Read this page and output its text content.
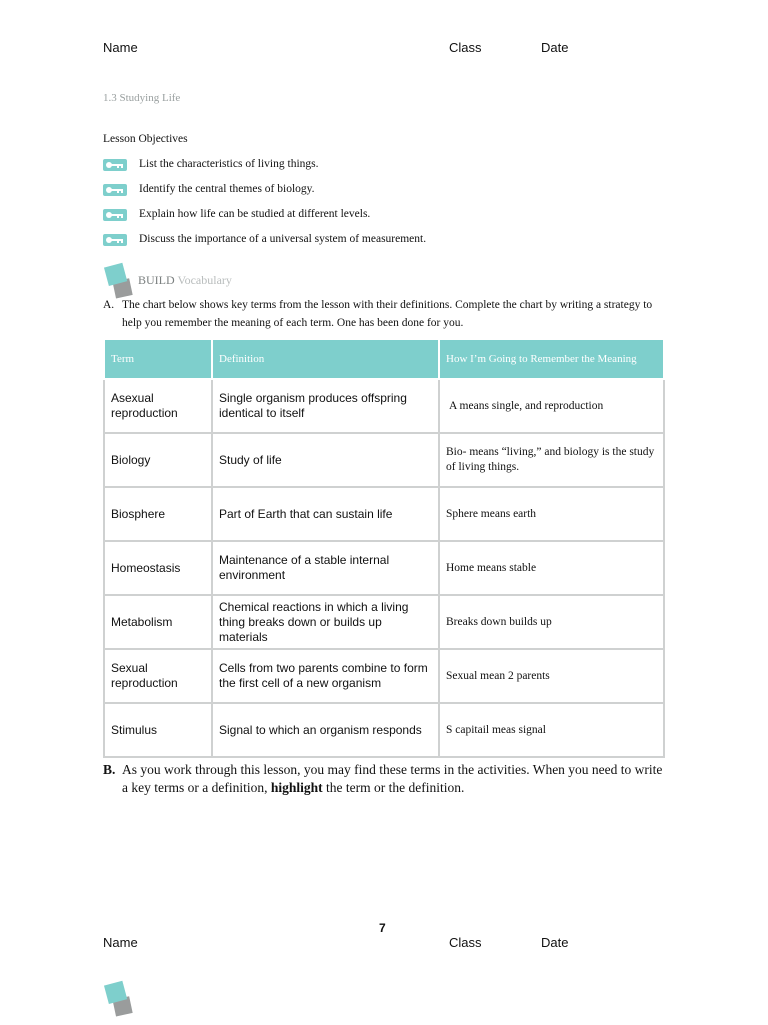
Name	Class	Date
1.3 Studying Life
Lesson Objectives
List the characteristics of living things.
Identify the central themes of biology.
Explain how life can be studied at different levels.
Discuss the importance of a universal system of measurement.
BUILD Vocabulary
A. The chart below shows key terms from the lesson with their definitions. Complete the chart by writing a strategy to help you remember the meaning of each term. One has been done for you.
Term	Definition	How I’m Going to Remember the Meaning
Asexual reproduction	Single organism produces offspring identical to itself	A means single, and reproduction
Biology	Study of life	Bio- means “living,” and biology is the study of living things.
Biosphere	Part of Earth that can sustain life	Sphere means earth
Homeostasis	Maintenance of a stable internal environment	Home means stable
Metabolism	Chemical reactions in which a living thing breaks down or builds up materials	Breaks down builds up
Sexual reproduction	Cells from two parents combine to form the first cell of a new organism	Sexual mean 2 parents
Stimulus	Signal to which an organism responds	S capitail meas signal
B. As you work through this lesson, you may find these terms in the activities. When you need to write a key terms or a definition, highlight the term or the definition.
7
Name	Class	Date
